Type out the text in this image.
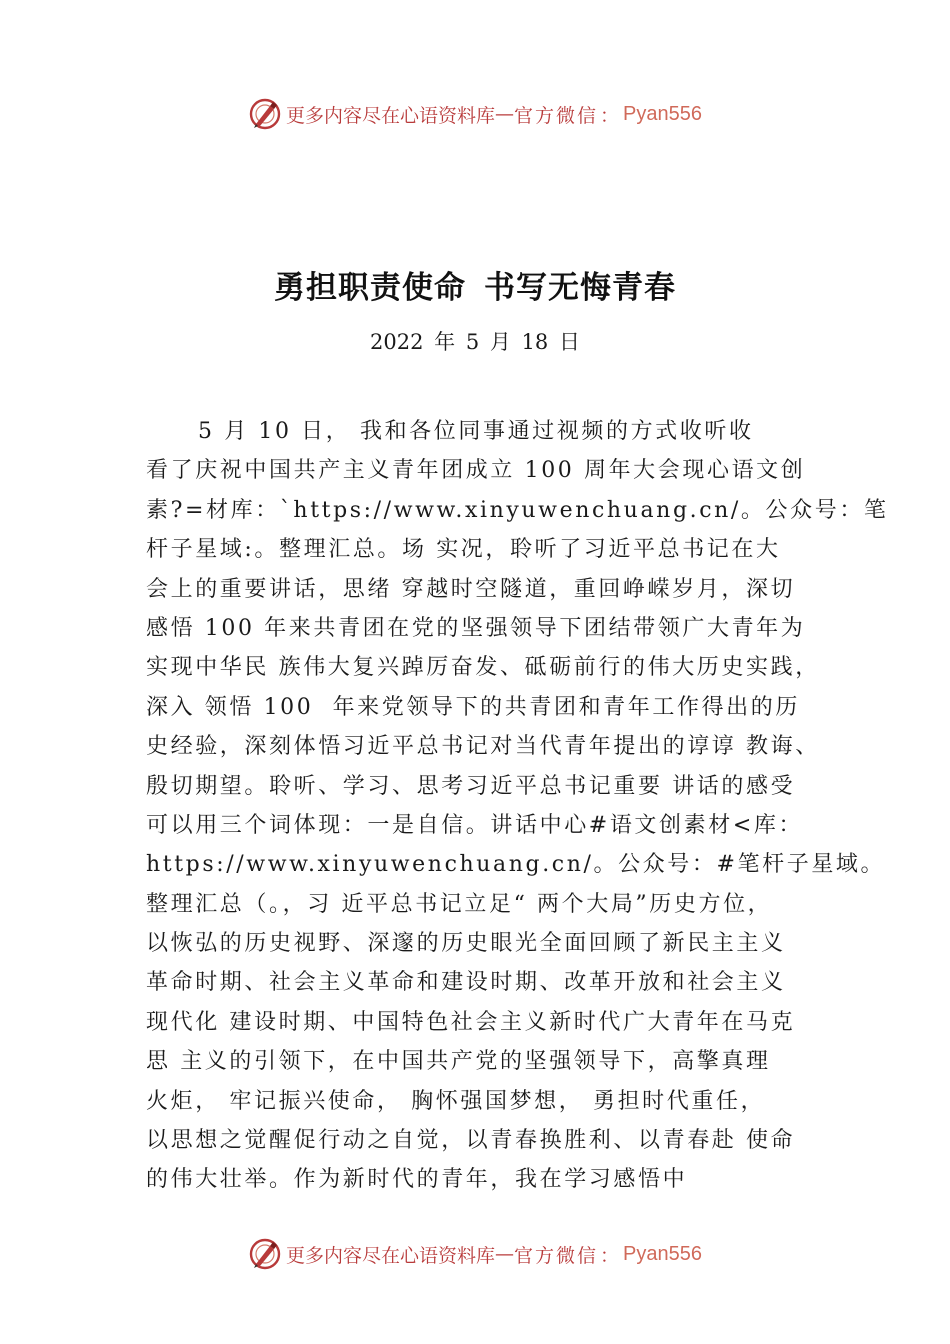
更多内容尽在心语资料库 — 官方微信 ： Pyan556
勇担职责使命 书写无悔青春
2022 年 5 月 18 日
5 月 10 日， 我和各位同事通过视频的方式收听收
看了庆祝中国共产主义青年团成立 100 周年大会现心语文创
素?=材库：`https://www.xinyuwenchuang.cn/。公众号：笔
杆子星域:。整理汇总。场 实况，聆听了习近平总书记在大
会上的重要讲话，思绪 穿越时空隧道，重回峥嵘岁月，深切
感悟 100 年来共青团在党的坚强领导下团结带领广大青年为
实现中华民 族伟大复兴踔厉奋发、砥砺前行的伟大历史实践，
深入 领悟 100  年来党领导下的共青团和青年工作得出的历
史经验，深刻体悟习近平总书记对当代青年提出的谆谆 教诲、
殷切期望。聆听、学习、思考习近平总书记重要 讲话的感受
可以用三个词体现：一是自信。讲话中心#语文创素材<库：
https://www.xinyuwenchuang.cn/。公众号：#笔杆子星域。
整理汇总（。，习 近平总书记立足“ 两个大局”历史方位，
以恢弘的历史视野、深邃的历史眼光全面回顾了新民主主义
革命时期、社会主义革命和建设时期、改革开放和社会主义
现代化 建设时期、中国特色社会主义新时代广大青年在马克
思 主义的引领下，在中国共产党的坚强领导下，高擎真理
火炬， 牢记振兴使命， 胸怀强国梦想， 勇担时代重任，
以思想之觉醒促行动之自觉，以青春换胜利、以青春赴 使命
的伟大壮举。作为新时代的青年，我在学习感悟中
更多内容尽在心语资料库 — 官方微信 ： Pyan556
